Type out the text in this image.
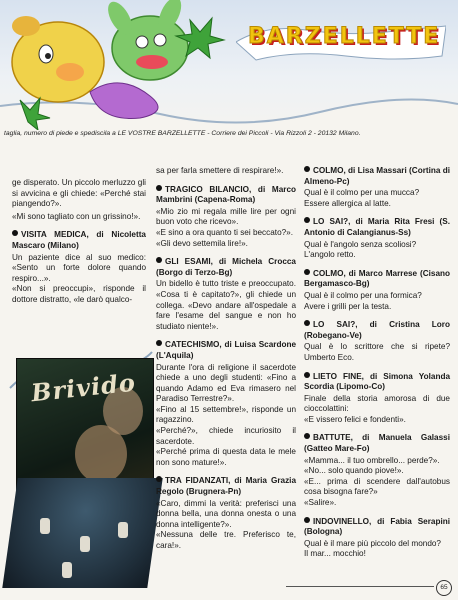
BARZELLETTE
taglia, numero di piede e spediscila a LE VOSTRE BARZELLETTE - Corriere dei Piccoli - Via Rizzoli 2 - 20132 Milano.

ge disperato. Un piccolo merluzzo gli si avvicina e gli chiede: «Perché stai piangendo?».

«Mi sono tagliato con un grissino!».

VISITA MEDICA, di Nicoletta Mascaro (Milano)

Un paziente dice al suo medico: «Sento un forte dolore quando respiro...».
«Non si preoccupi», risponde il dottore distratto, «le darò qualco-

Brivido

sa per farla smettere di respirare!».

TRAGICO BILANCIO, di Marco Mambrini (Capena-Roma)

«Mio zio mi regala mille lire per ogni buon voto che ricevo».
«E sino a ora quanto ti sei beccato?».
«Gli devo settemila lire!».

GLI ESAMI, di Michela Crocca (Borgo di Terzo-Bg)

Un bidello è tutto triste e preoccupato. «Cosa ti è capitato?», gli chiede un collega. «Devo andare all'ospedale a fare l'esame del sangue e non ho studiato niente!».

CATECHISMO, di Luisa Scardone (L'Aquila)

Durante l'ora di religione il sacerdote chiede a uno degli studenti: «Fino a quando Adamo ed Eva rimasero nel Paradiso Terrestre?».
«Fino al 15 settembre!», risponde un ragazzino.
«Perché?», chiede incuriosito il sacerdote.
«Perché prima di questa data le mele non sono mature!».

TRA FIDANZATI, di Maria Grazia Regolo (Brugnera-Pn)

«Caro, dimmi la verità: preferisci una donna bella, una donna onesta o una donna intelligente?».
«Nessuna delle tre. Preferisco te, cara!».

COLMO, di Lisa Massari (Cortina di Almeno-Pc)

Qual è il colmo per una mucca?
Essere allergica al latte.

LO SAI?, di Maria Rita Fresi (S. Antonio di Calangianus-Ss)

Qual è l'angolo senza scoliosi?
L'angolo retto.

COLMO, di Marco Marrese (Cisano Bergamasco-Bg)

Qual è il colmo per una formica?
Avere i grilli per la testa.

LO SAI?, di Cristina Loro (Robegano-Ve)

Qual è lo scrittore che si ripete?Umberto Eco.

LIETO FINE, di Simona Yolanda Scordia (Lipomo-Co)

Finale della storia amorosa di due cioccolattini:
«E vissero felici e fondenti».

BATTUTE, di Manuela Galassi (Gatteo Mare-Fo)

«Mamma... il tuo ombrello... perde?».
«No... solo quando piove!».
«E... prima di scendere dall'autobus cosa bisogna fare?»
«Salire».

INDOVINELLO, di Fabia Serapini (Bologna)

Qual è il mare più piccolo del mondo?
Il mar... mocchio!

65
